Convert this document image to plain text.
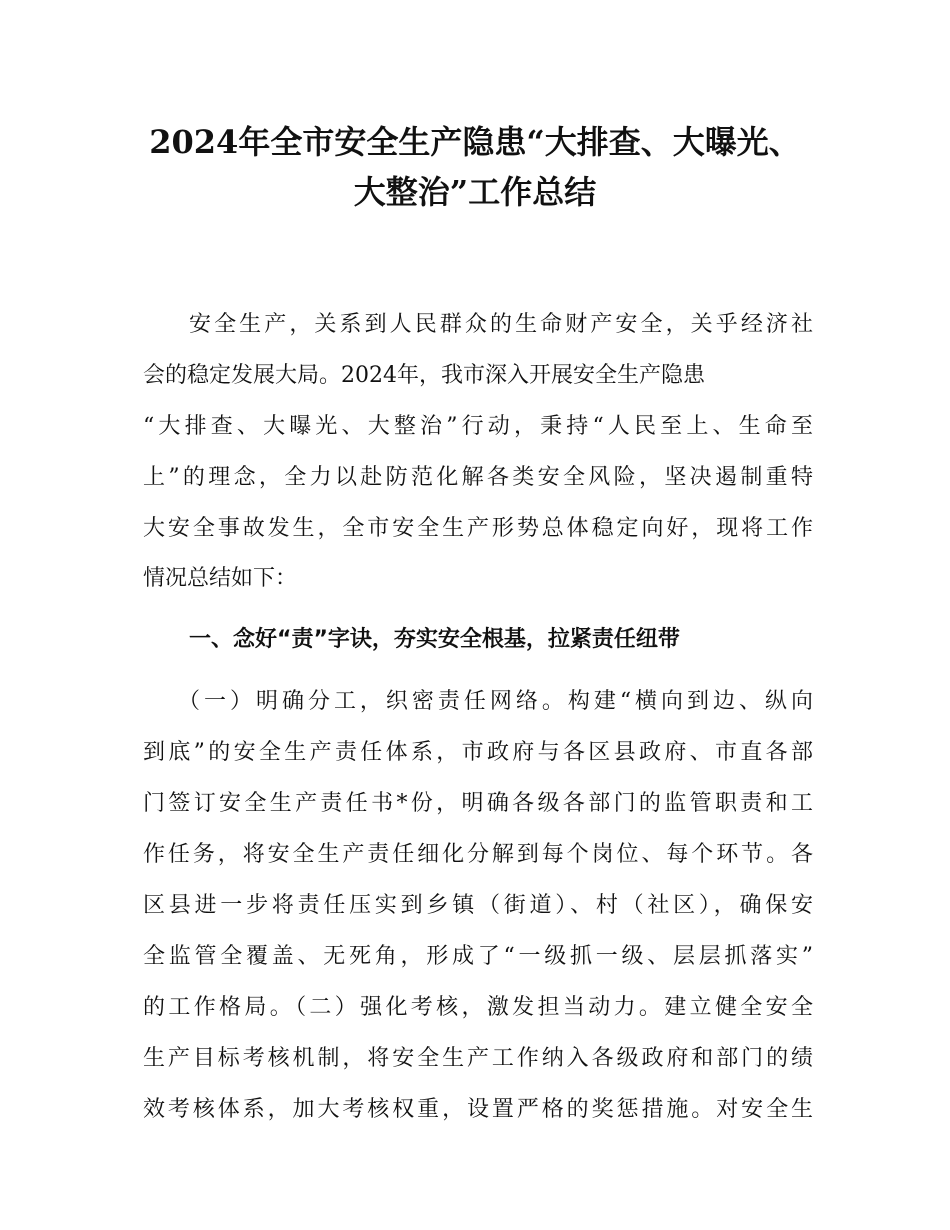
2024年全市安全生产隐患“大排查、大曝光、
大整治”工作总结
安全生产，关系到人民群众的生命财产安全，关乎经济社
会的稳定发展大局。2024年，我市深入开展安全生产隐患
“大排查、大曝光、大整治”行动，秉持“人民至上、生命至
上”的理念，全力以赴防范化解各类安全风险，坚决遏制重特
大安全事故发生，全市安全生产形势总体稳定向好，现将工作
情况总结如下：
一、念好“责”字诀，夯实安全根基，拉紧责任纽带
（一）明确分工，织密责任网络。构建“横向到边、纵向
到底”的安全生产责任体系，市政府与各区县政府、市直各部
门签订安全生产责任书*份，明确各级各部门的监管职责和工
作任务，将安全生产责任细化分解到每个岗位、每个环节。各
区县进一步将责任压实到乡镇（街道）、村（社区），确保安
全监管全覆盖、无死角，形成了“一级抓一级、层层抓落实”
的工作格局。（二）强化考核，激发担当动力。建立健全安全
生产目标考核机制，将安全生产工作纳入各级政府和部门的绩
效考核体系，加大考核权重，设置严格的奖惩措施。对安全生
